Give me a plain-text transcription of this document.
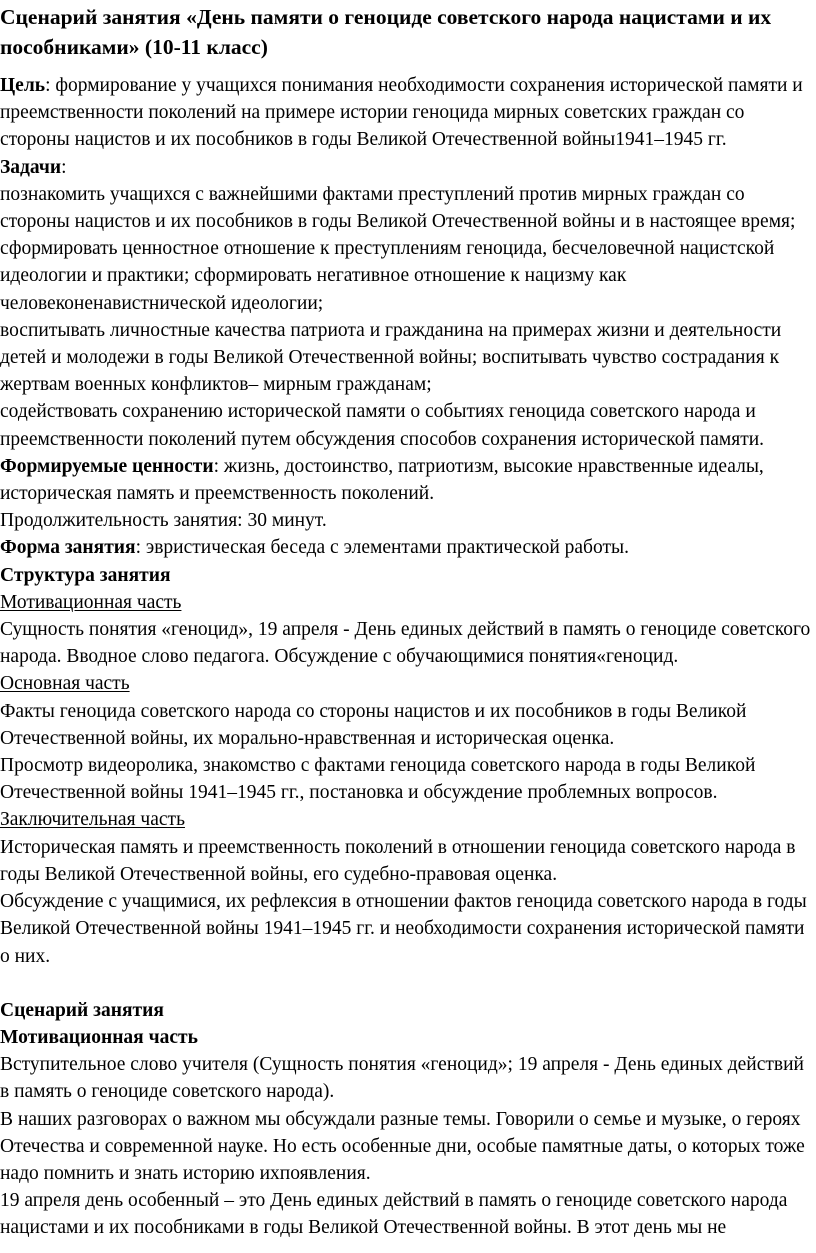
Сценарий занятия «День памяти о геноциде советского народа нацистами и их пособниками» (10-11 класс)
Цель: формирование у учащихся понимания необходимости сохранения исторической памяти и преемственности поколений на примере истории геноцида мирных советских граждан со стороны нацистов и их пособников в годы Великой Отечественной войны1941–1945 гг.
Задачи:
познакомить учащихся с важнейшими фактами преступлений против мирных граждан со стороны нацистов и их пособников в годы Великой Отечественной войны и в настоящее время;
сформировать ценностное отношение к преступлениям геноцида, бесчеловечной нацистской идеологии и практики; сформировать негативное отношение к нацизму как человеконенавистнической идеологии;
воспитывать личностные качества патриота и гражданина на примерах жизни и деятельности детей и молодежи в годы Великой Отечественной войны; воспитывать чувство сострадания к жертвам военных конфликтов– мирным гражданам;
содействовать сохранению исторической памяти о событиях геноцида советского народа и преемственности поколений путем обсуждения способов сохранения исторической памяти.
Формируемые ценности: жизнь, достоинство, патриотизм, высокие нравственные идеалы, историческая память и преемственность поколений.
Продолжительность занятия: 30 минут.
Форма занятия: эвристическая беседа с элементами практической работы.
Структура занятия
Мотивационная часть
Сущность понятия «геноцид», 19 апреля - День единых действий в память о геноциде советского народа. Вводное слово педагога. Обсуждение с обучающимися понятия«геноцид.
Основная часть
Факты геноцида советского народа со стороны нацистов и их пособников в годы Великой Отечественной войны, их морально-нравственная и историческая оценка.
Просмотр видеоролика, знакомство с фактами геноцида советского народа в годы Великой Отечественной войны 1941–1945 гг., постановка и обсуждение проблемных вопросов.
Заключительная часть
Историческая память и преемственность поколений в отношении геноцида советского народа в годы Великой Отечественной войны, его судебно-правовая оценка.
Обсуждение с учащимися, их рефлексия в отношении фактов геноцида советского народа в годы Великой Отечественной войны 1941–1945 гг. и необходимости сохранения исторической памяти о них.
Сценарий занятия
Мотивационная часть
Вступительное слово учителя (Сущность понятия «геноцид»; 19 апреля - День единых действий в память о геноциде советского народа).
В наших разговорах о важном мы обсуждали разные темы. Говорили о семье и музыке, о героях Отечества и современной науке. Но есть особенные дни, особые памятные даты, о которых тоже надо помнить и знать историю ихпоявления.
19 апреля день особенный – это День единых действий в память о геноциде советского народа нацистами и их пособниками в годы Великой Отечественной войны. В этот день мы не
